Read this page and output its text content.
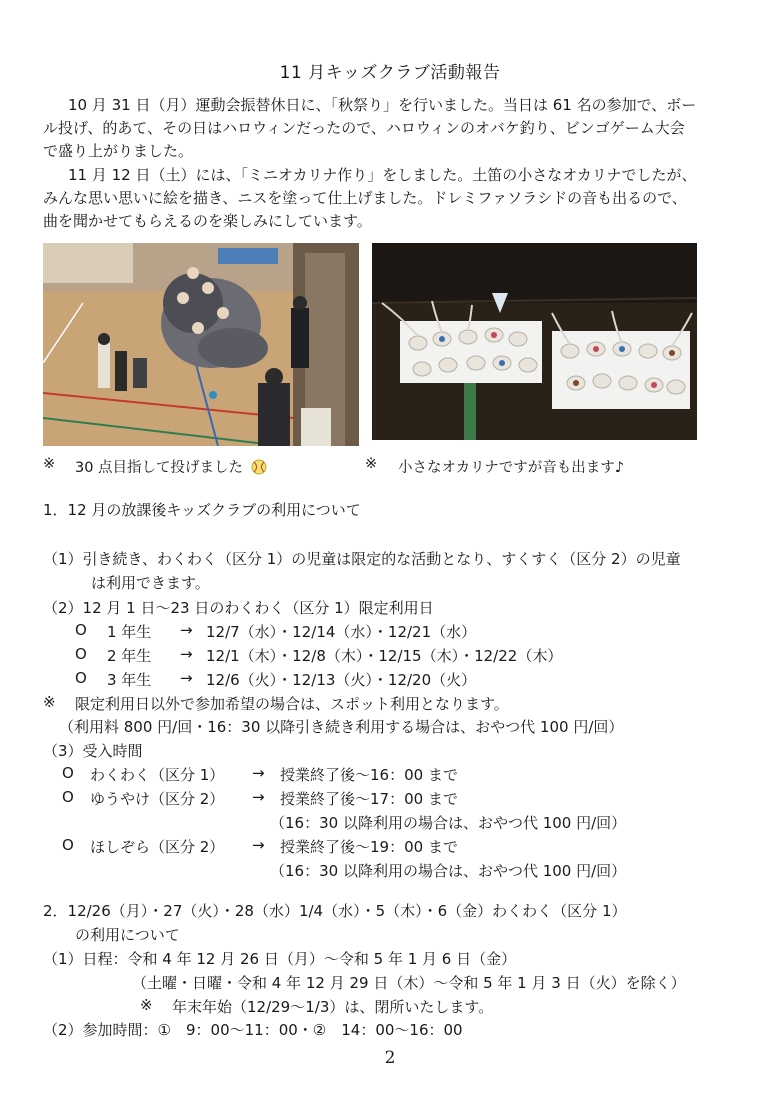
11 月キッズクラブ活動報告
10 月 31 日（月）運動会振替休日に、「秋祭り」を行いました。当日は 61 名の参加で、ボー
ル投げ、的あて、その日はハロウィンだったので、ハロウィンのオバケ釣り、ビンゴゲーム大会
で盛り上がりました。
11 月 12 日（土）には、「ミニオカリナ作り」をしました。土笛の小さなオカリナでしたが、
みんな思い思いに絵を描き、ニスを塗って仕上げました。ドレミファソラシドの音も出るので、
曲を聞かせてもらえるのを楽しみにしています。
※ 30 点目指して投げました	※ 小さなオカリナですが音も出ます♪
1．12 月の放課後キッズクラブの利用について
（1）引き続き、わくわく（区分 1）の児童は限定的な活動となり、すくすく（区分 2）の児童
は利用できます。
（2）12 月 1 日～23 日のわくわく（区分 1）限定利用日
O 1 年生 → 12/7（水）・12/14（水）・12/21（水）
O 2 年生 → 12/1（木）・12/8（木）・12/15（木）・12/22（木）
O 3 年生 → 12/6（火）・12/13（火）・12/20（火）
※ 限定利用日以外で参加希望の場合は、スポット利用となります。
（利用料 800 円/回・16：30 以降引き続き利用する場合は、おやつ代 100 円/回）
（3）受入時間
O わくわく（区分 1） → 授業終了後～16：00 まで
O ゆうやけ（区分 2） → 授業終了後～17：00 まで
（16：30 以降利用の場合は、おやつ代 100 円/回）
O ほしぞら（区分 2） → 授業終了後～19：00 まで
（16：30 以降利用の場合は、おやつ代 100 円/回）
2．12/26（月）・27（火）・28（水）1/4（水）・5（木）・6（金）わくわく（区分 1）
の利用について
（1）日程：令和 4 年 12 月 26 日（月）～令和 5 年 1 月 6 日（金）
（土曜・日曜・令和 4 年 12 月 29 日（木）～令和 5 年 1 月 3 日（火）を除く）
※ 年末年始（12/29～1/3）は、閉所いたします。
（2）参加時間：①　9：00～11：00・②　14：00～16：00
2
